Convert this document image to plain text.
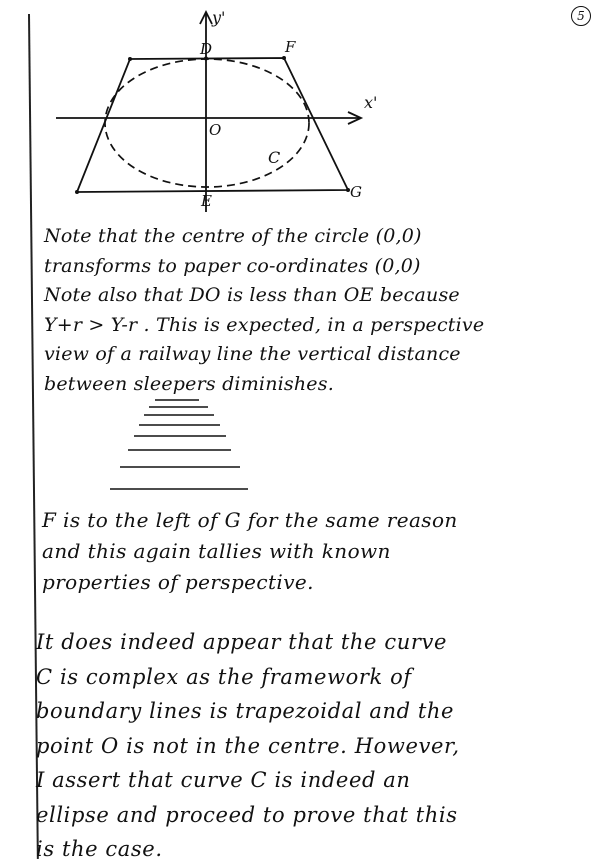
5
y'
x'
D	F
O
C
E	G

Note that the centre of the circle (0,0)
transforms to paper co-ordinates (0,0)
Note also that DO is less than OE because
Y+r > Y-r . This is expected, in a perspective
view of a railway line the vertical distance
between sleepers diminishes.

F is to the left of G for the same reason
and this again tallies with known
properties of perspective.

It does indeed appear that the curve
C is complex as the framework of
boundary lines is trapezoidal and the
point O is not in the centre. However,
I assert that curve C is indeed an
ellipse and proceed to prove that this
is the case.
